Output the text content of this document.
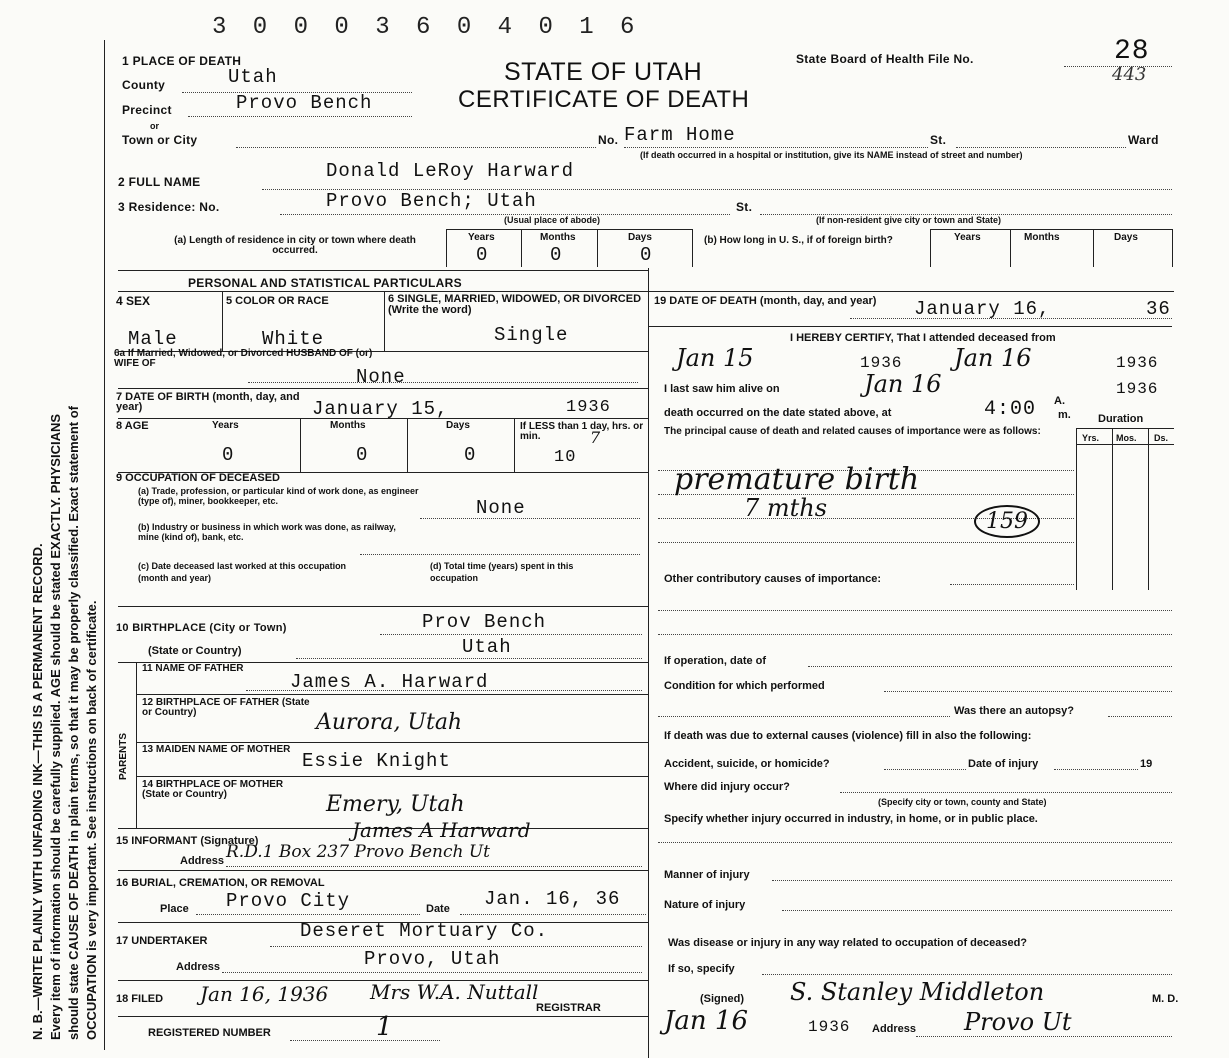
N. B.—WRITE PLAINLY WITH UNFADING INK—THIS IS A PERMANENT RECORD. Every item of information should be carefully supplied. AGE should be stated EXACTLY. PHYSICIANS should state CAUSE OF DEATH in plain terms, so that it may be properly classified. Exact statement of OCCUPATION is very important. See instructions on back of certificate.
3 0 0 0 3 6 0 4 0 1 6
1 PLACE OF DEATH	STATE OF UTAH
CERTIFICATE OF DEATH
State Board of Health File No.	28
443
County	Utah
Precinct	Provo Bench
or
Town or City	No. Farm Home	St.	Ward
(If death occurred in a hospital or institution, give its NAME instead of street and number)
2 FULL NAME	Donald LeRoy Harward
3 Residence: No.	Provo Bench; Utah	St.
(Usual place of abode)	(If non-resident give city or town and State)
(a) Length of residence in city or town where death occurred.
Years	Months	Days
0	0	0
(b) How long in U. S., if of foreign birth?	Years	Months	Days
PERSONAL AND STATISTICAL PARTICULARS
4 SEX	5 COLOR OR RACE	6 SINGLE, MARRIED, WIDOWED, OR DIVORCED (Write the word)
Male	White	Single
6a If Married, Widowed, or Divorced HUSBAND OF (or) WIFE OF
None
7 DATE OF BIRTH (month, day, and year)	January 15,	1936
8 AGE	Years	Months	Days
0	0	0
If LESS than 1 day, hrs. or min.	7
10
9 OCCUPATION OF DECEASED
(a) Trade, profession, or particular kind of work done, as engineer (type of), miner, bookkeeper, etc.	None
(b) Industry or business in which work was done, as railway, mine (kind of), bank, etc.
(c) Date deceased last worked at this occupation (month and year)
(d) Total time (years) spent in this occupation
10 BIRTHPLACE (City or Town)	Prov Bench
(State or Country)	Utah
PARENTS
11 NAME OF FATHER
James A. Harward
12 BIRTHPLACE OF FATHER (State or Country)	Aurora, Utah
13 MAIDEN NAME OF MOTHER
Essie Knight
14 BIRTHPLACE OF MOTHER (State or Country)	Emery, Utah
15 INFORMANT (Signature)	James A Harward
Address R.D.1 Box 237 Provo Bench Ut
16 BURIAL, CREMATION, OR REMOVAL
Place Provo City	Date Jan. 16, 36
17 UNDERTAKER	Deseret Mortuary Co.
Address	Provo, Utah
18 FILED Jan 16, 1936 Mrs W.A. Nuttall
REGISTRAR
REGISTERED NUMBER	1
19 DATE OF DEATH (month, day, and year)	January 16,	36
I HEREBY CERTIFY, That I attended deceased from
Jan 15	1936 Jan 16	1936
I last saw him alive on	Jan 16	1936
death occurred on the date stated above, at	4:00 A.
m. Duration
The principal cause of death and related causes of importance were as follows:
Yrs. Mos. Ds.
premature birth
7 mths	159
Other contributory causes of importance:
If operation, date of
Condition for which performed
Was there an autopsy?
If death was due to external causes (violence) fill in also the following:
Accident, suicide, or homicide?	Date of injury	19
Where did injury occur?
(Specify city or town, county and State)
Specify whether injury occurred in industry, in home, or in public place.
Manner of injury
Nature of injury
Was disease or injury in any way related to occupation of deceased?
If so, specify
(Signed) S. Stanley Middleton	M. D.
Jan 16	1936 Address Provo Ut
